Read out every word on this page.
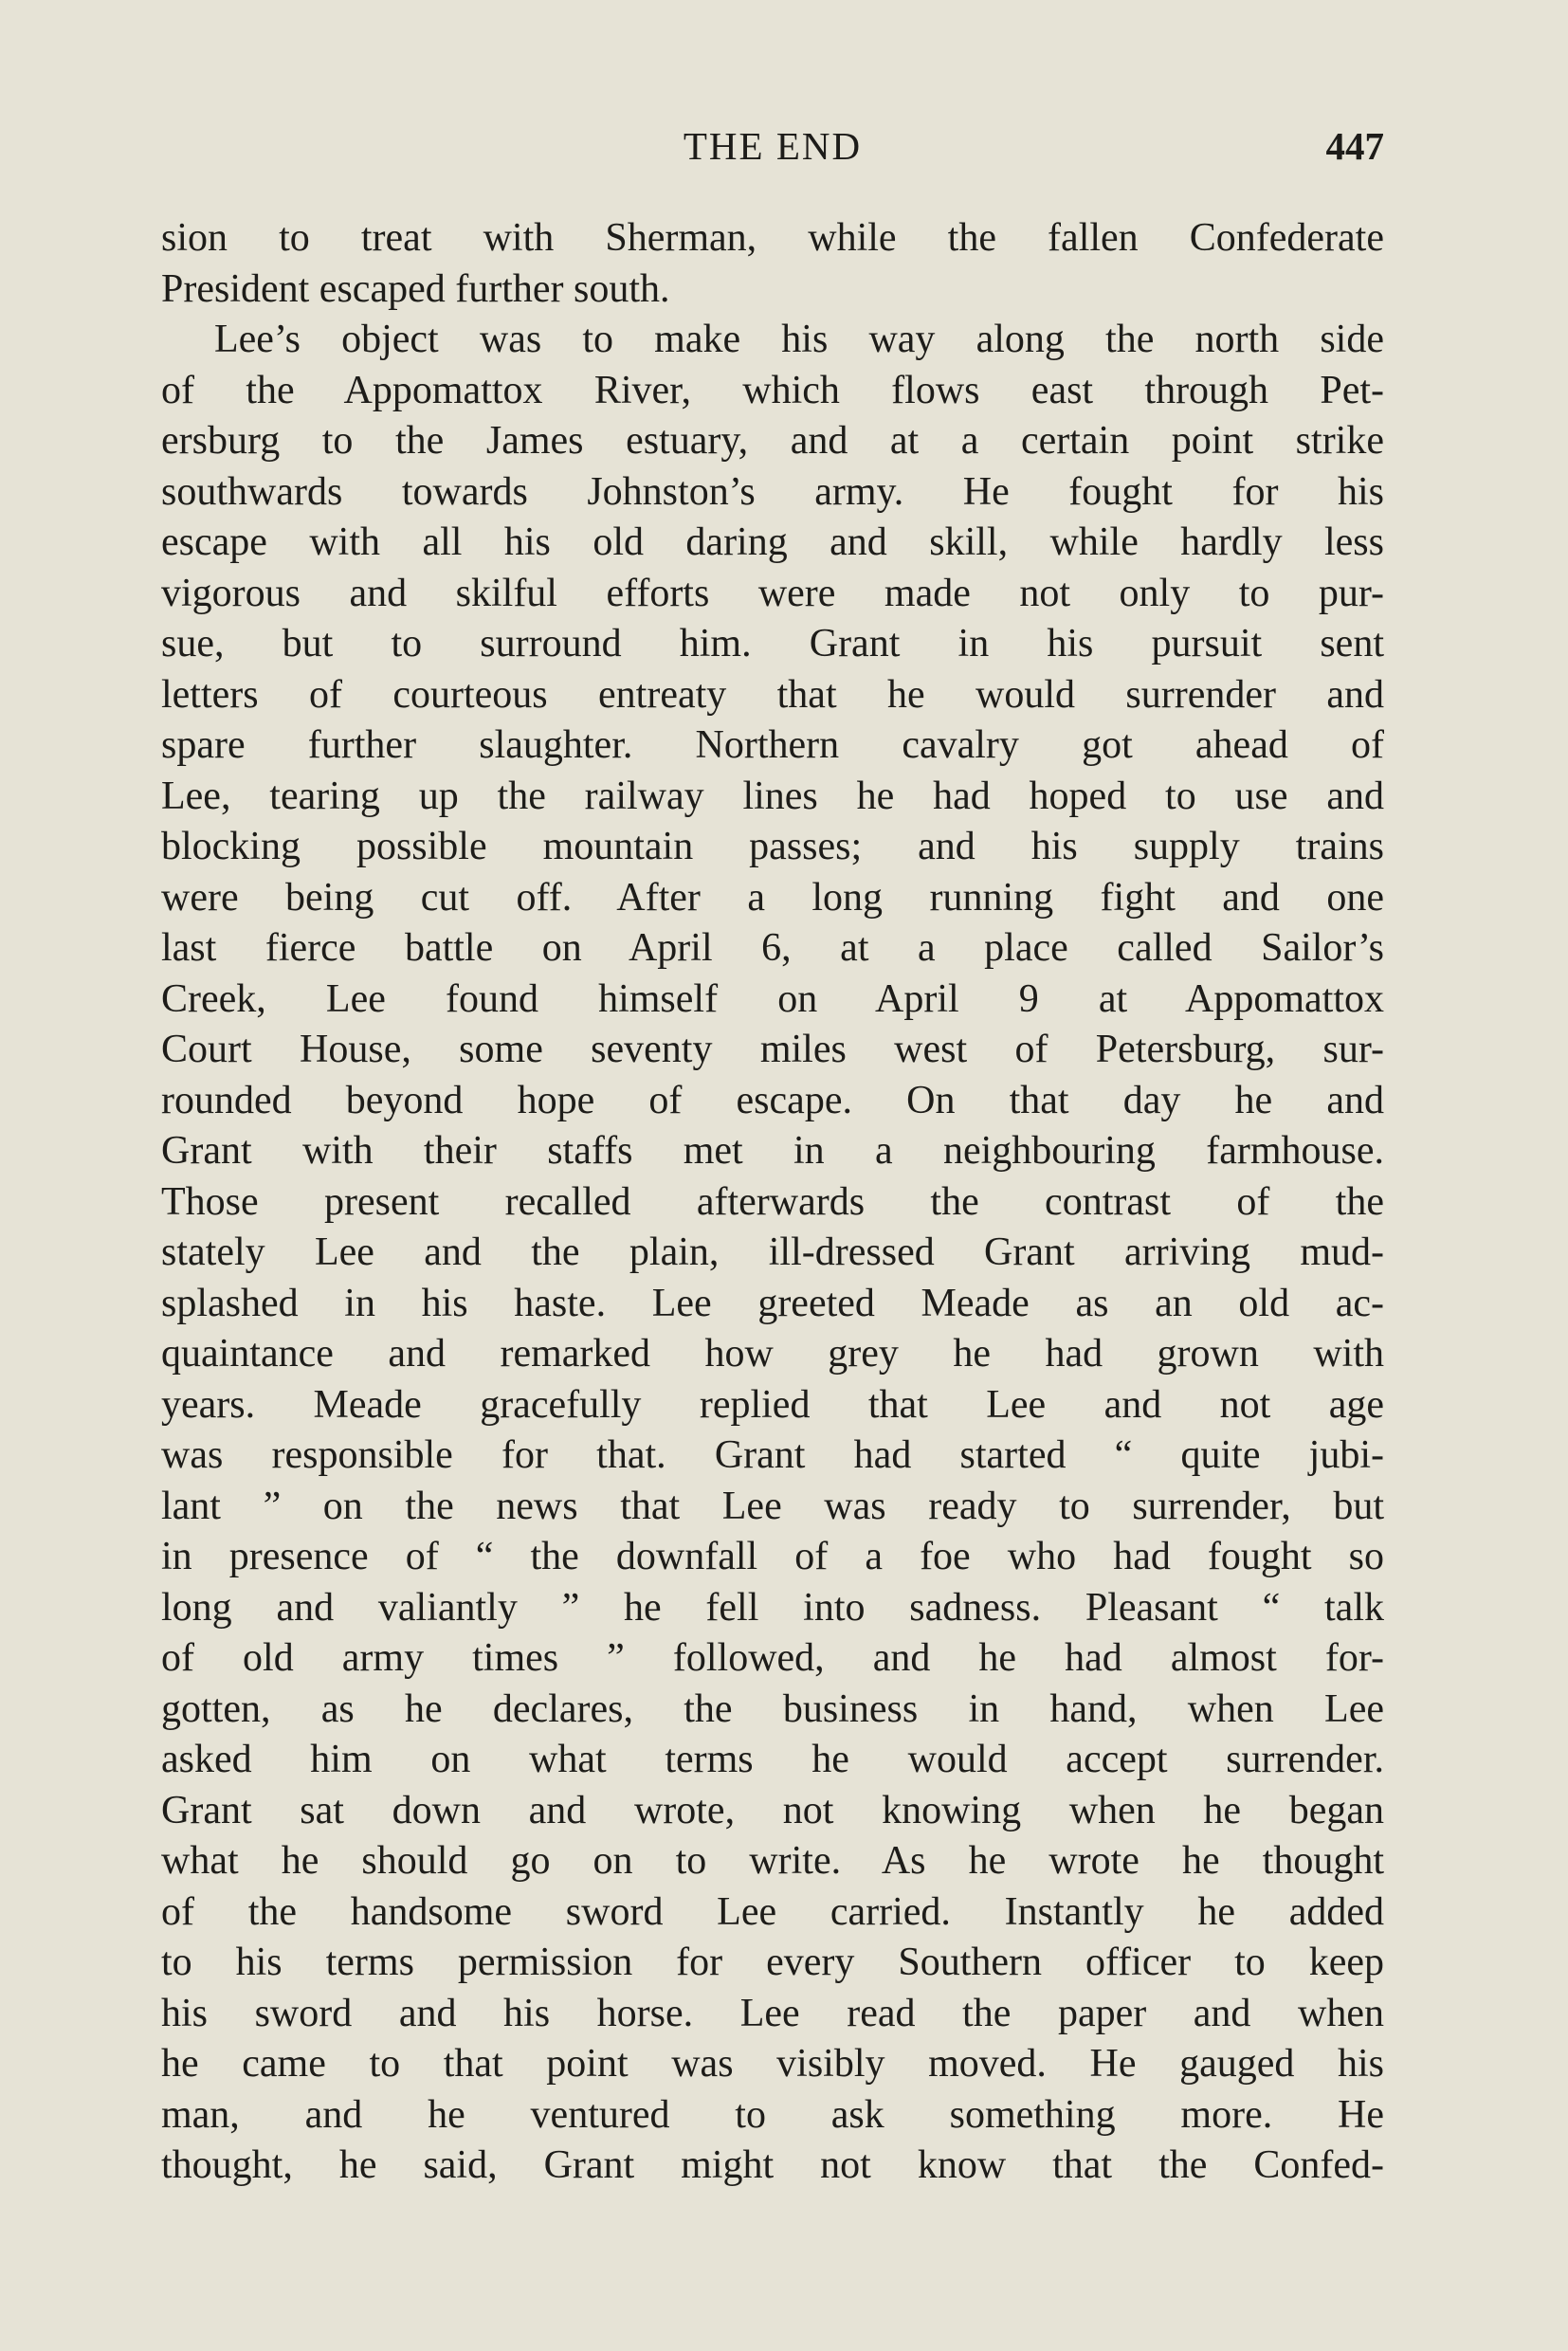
THE END	447
sion to treat with Sherman, while the fallen Confederate
President escaped further south.
Lee’s object was to make his way along the north side
of the Appomattox River, which flows east through Pet-
ersburg to the James estuary, and at a certain point strike
southwards towards Johnston’s army. He fought for his
escape with all his old daring and skill, while hardly less
vigorous and skilful efforts were made not only to pur-
sue, but to surround him. Grant in his pursuit sent
letters of courteous entreaty that he would surrender and
spare further slaughter. Northern cavalry got ahead of
Lee, tearing up the railway lines he had hoped to use and
blocking possible mountain passes; and his supply trains
were being cut off. After a long running fight and one
last fierce battle on April 6, at a place called Sailor’s
Creek, Lee found himself on April 9 at Appomattox
Court House, some seventy miles west of Petersburg, sur-
rounded beyond hope of escape. On that day he and
Grant with their staffs met in a neighbouring farmhouse.
Those present recalled afterwards the contrast of the
stately Lee and the plain, ill-dressed Grant arriving mud-
splashed in his haste. Lee greeted Meade as an old ac-
quaintance and remarked how grey he had grown with
years. Meade gracefully replied that Lee and not age
was responsible for that. Grant had started “ quite jubi-
lant ” on the news that Lee was ready to surrender, but
in presence of “ the downfall of a foe who had fought so
long and valiantly ” he fell into sadness. Pleasant “ talk
of old army times ” followed, and he had almost for-
gotten, as he declares, the business in hand, when Lee
asked him on what terms he would accept surrender.
Grant sat down and wrote, not knowing when he began
what he should go on to write. As he wrote he thought
of the handsome sword Lee carried. Instantly he added
to his terms permission for every Southern officer to keep
his sword and his horse. Lee read the paper and when
he came to that point was visibly moved. He gauged his
man, and he ventured to ask something more. He
thought, he said, Grant might not know that the Confed-
